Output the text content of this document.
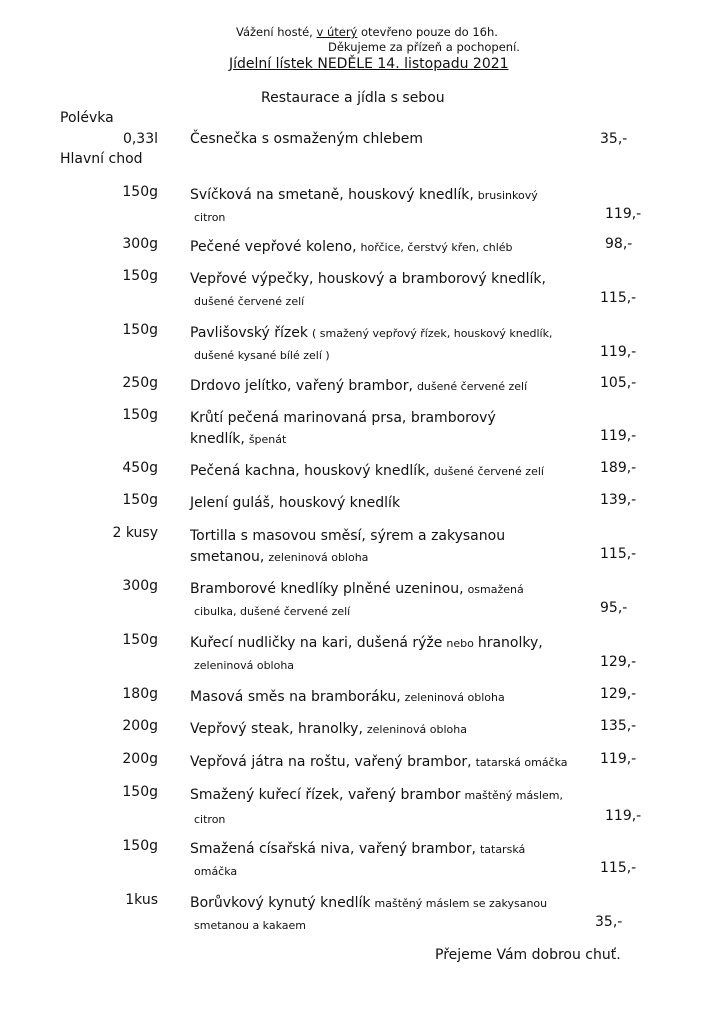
Vážení hosté, v úterý otevřeno pouze do 16h.
Děkujeme za přízeň a pochopení.
Jídelní lístek NEDĚLE 14. listopadu 2021
Restaurace a jídla s sebou
Polévka
0,33l Česnečka s osmaženým chlebem	35,-
Hlavní chod
150g Svíčková na smetaně, houskový knedlík, brusinkový
citron	119,-
300g Pečené vepřové koleno, hořčice, čerstvý křen, chléb	98,-
150g Vepřové výpečky, houskový a bramborový knedlík,
dušené červené zelí	115,-
150g Pavlišovský řízek ( smažený vepřový řízek, houskový knedlík,
dušené kysané bílé zelí )	119,-
250g Drdovo jelítko, vařený brambor, dušené červené zelí	105,-
150g Krůtí pečená marinovaná prsa, bramborový
knedlík, špenát	119,-
450g Pečená kachna, houskový knedlík, dušené červené zelí	189,-
150g Jelení guláš, houskový knedlík	139,-
2 kusy Tortilla s masovou směsí, sýrem a zakysanou
smetanou, zeleninová obloha	115,-
300g Bramborové knedlíky plněné uzeninou, osmažená
cibulka, dušené červené zelí	95,-
150g Kuřecí nudličky na kari, dušená rýže nebo hranolky,
zeleninová obloha	129,-
180g Masová směs na bramboráku, zeleninová obloha	129,-
200g Vepřový steak, hranolky, zeleninová obloha	135,-
200g Vepřová játra na roštu, vařený brambor, tatarská omáčka 119,-
150g Smažený kuřecí řízek, vařený brambor maštěný máslem,
citron	119,-
150g Smažená císařská niva, vařený brambor, tatarská
omáčka	115,-
1kus Borůvkový kynutý knedlík maštěný máslem se zakysanou
smetanou a kakaem	35,-
Přejeme Vám dobrou chuť.
